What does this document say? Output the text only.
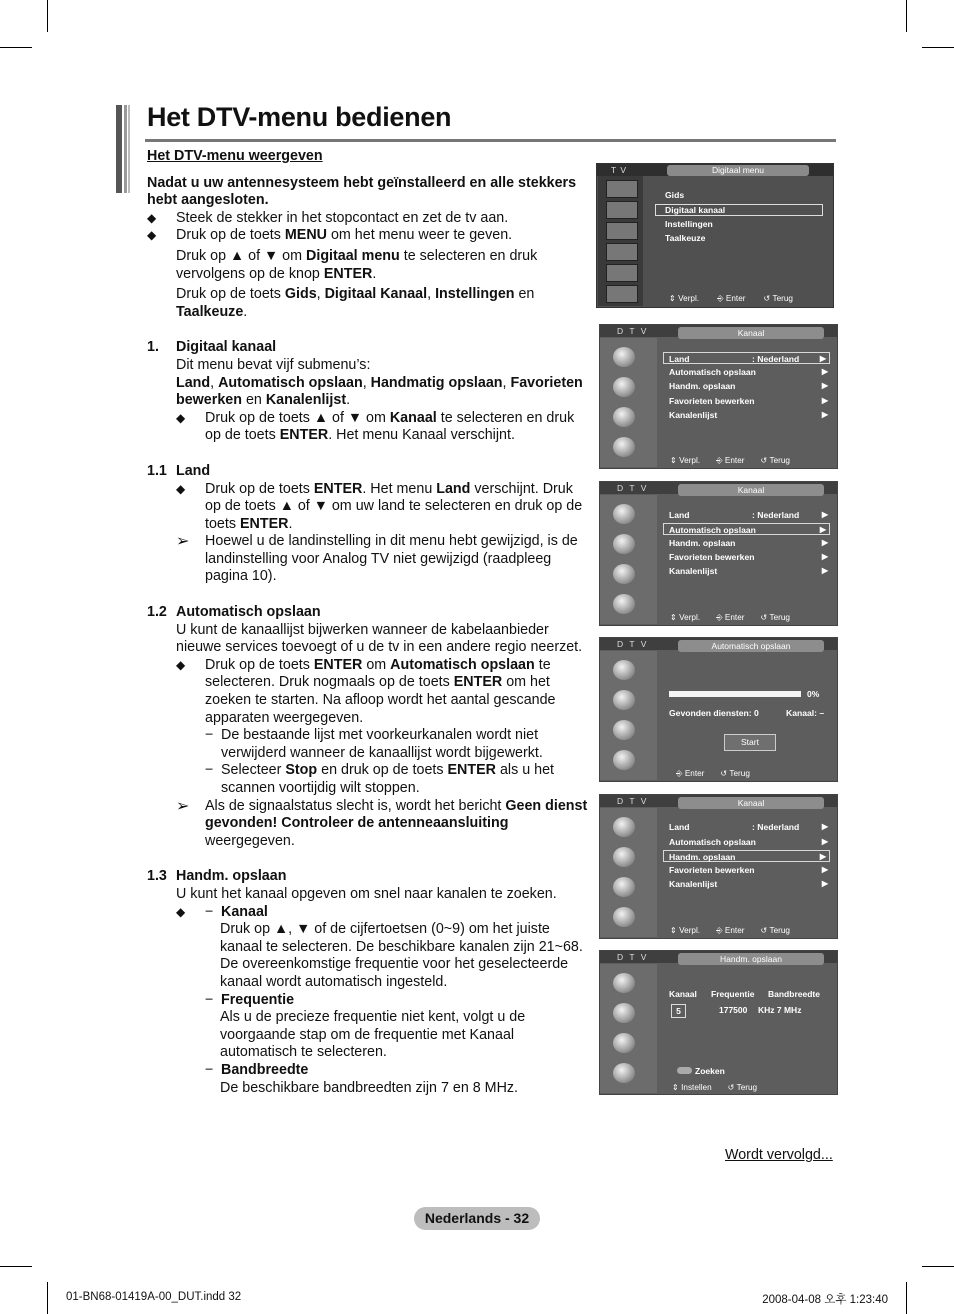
Het DTV-menu bedienen

Het DTV-menu weergeven

Nadat u uw antennesysteem hebt geïnstalleerd en alle stekkers hebt aangesloten.

◆	Steek de stekker in het stopcontact en zet de tv aan.
◆	Druk op de toets MENU om het menu weer te geven.

Druk op ▲ of ▼ om Digitaal menu te selecteren en druk vervolgens op de knop ENTER.

Druk op de toets Gids, Digitaal Kanaal, Instellingen en Taalkeuze.

1.	Digitaal kanaal

Dit menu bevat vijf submenu’s:
Land, Automatisch opslaan, Handmatig opslaan, Favorieten bewerken en Kanalenlijst.

◆	Druk op de toets ▲ of ▼ om Kanaal te selecteren en druk op de toets ENTER. Het menu Kanaal verschijnt.
1.1 Land
◆	Druk op de toets ENTER. Het menu Land verschijnt. Druk op de toets ▲ of ▼ om uw land te selecteren en druk op de toets ENTER.
➢	Hoewel u de landinstelling in dit menu hebt gewijzigd, is de landinstelling voor Analog TV niet gewijzigd (raadpleeg pagina 10).
1.2 Automatisch opslaan

U kunt de kanaallijst bijwerken wanneer de kabelaanbieder nieuwe services toevoegt of u de tv in een andere regio neerzet.

◆	Druk op de toets ENTER om Automatisch opslaan te selecteren. Druk nogmaals op de toets ENTER om het zoeken te starten. Na afloop wordt het aantal gescande apparaten weergegeven.
− De bestaande lijst met voorkeurkanalen wordt niet verwijderd wanneer de kanaallijst wordt bijgewerkt.
− Selecteer Stop en druk op de toets ENTER als u het scannen voortijdig wilt stoppen.
➢	Als de signaalstatus slecht is, wordt het bericht Geen dienst gevonden! Controleer de antenneaansluiting weergegeven.
1.3 Handm. opslaan

U kunt het kanaal opgeven om snel naar kanalen te zoeken.

◆	− Kanaal

Druk op ▲, ▼ of de cijfertoetsen (0~9) om het juiste kanaal te selecteren. De beschikbare kanalen zijn 21~68. De overeenkomstige frequentie voor het geselecteerde kanaal wordt automatisch ingesteld.

− Frequentie

Als u de precieze frequentie niet kent, volgt u de voorgaande stap om de frequentie met Kanaal automatisch te selecteren.

− Bandbreedte

De beschikbare bandbreedten zijn 7 en 8 MHz.

T V	Digitaal menu
Gids
Digitaal kanaal
Instellingen
Taalkeuze
⇕ Verpl. ⎆ Enter ↺ Terug
D T V	Kanaal
Land	: Nederland	▶
Automatisch opslaan	▶
Handm. opslaan	▶
Favorieten bewerken	▶
Kanalenlijst	▶
⇕ Verpl. ⎆ Enter ↺ Terug
D T V	Kanaal
Land	: Nederland	▶
Automatisch opslaan	▶
Handm. opslaan	▶
Favorieten bewerken	▶
Kanalenlijst	▶
⇕ Verpl. ⎆ Enter ↺ Terug
D T V	Automatisch opslaan
0%
Gevonden diensten: 0	Kanaal: –
Start
⎆ Enter ↺ Terug
D T V	Kanaal
Land	: Nederland	▶
Automatisch opslaan	▶
Handm. opslaan	▶
Favorieten bewerken	▶
Kanalenlijst	▶
⇕ Verpl. ⎆ Enter ↺ Terug
D T V	Handm. opslaan
Kanaal Frequentie Bandbreedte
5	177500 KHz 7 MHz
Zoeken
⇕ Instellen ↺ Terug
Wordt vervolgd...
Nederlands - 32
01-BN68-01419A-00_DUT.indd 32	2008-04-08 오후 1:23:40
